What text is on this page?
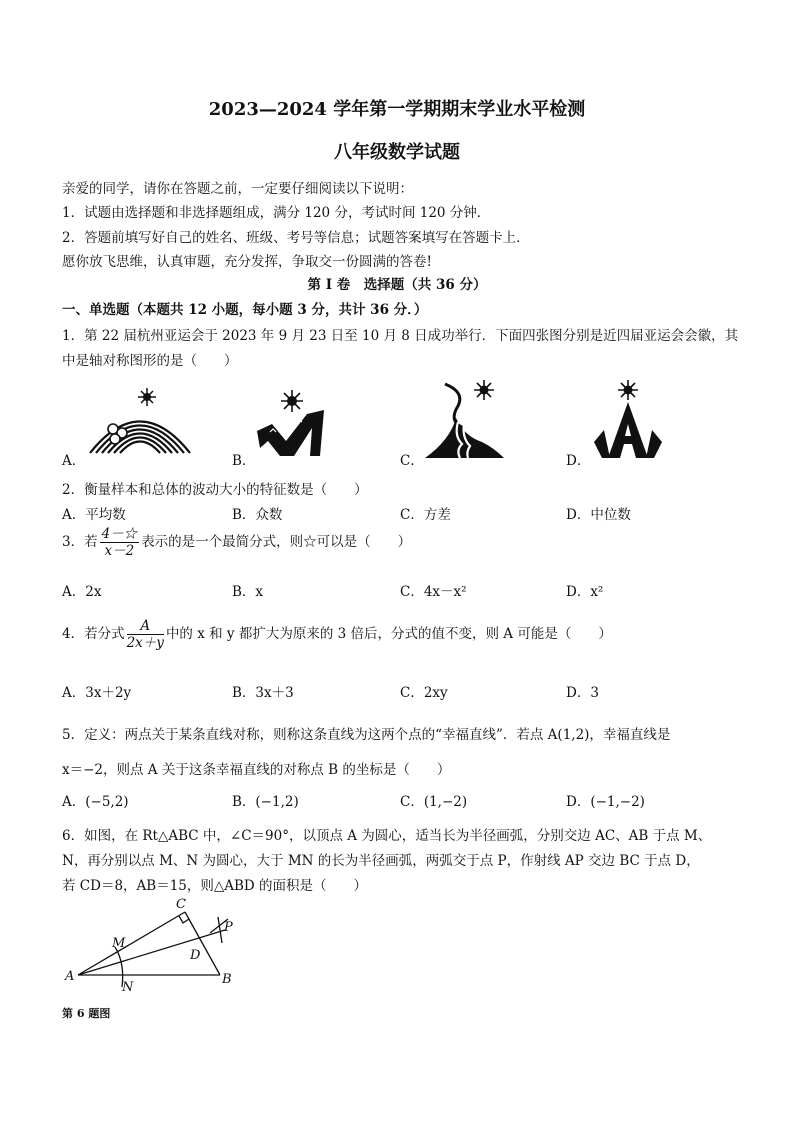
2023—2024 学年第一学期期末学业水平检测
八年级数学试题
亲爱的同学，请你在答题之前，一定要仔细阅读以下说明：
1．试题由选择题和非选择题组成，满分 120 分，考试时间 120 分钟．
2．答题前填写好自己的姓名、班级、考号等信息；试题答案填写在答题卡上．
愿你放飞思维，认真审题，充分发挥，争取交一份圆满的答卷!
第 I 卷　选择题（共 36 分）
一、单选题（本题共 12 小题，每小题 3 分，共计 36 分．）
1．第 22 届杭州亚运会于 2023 年 9 月 23 日至 10 月 8 日成功举行．下面四张图分别是近四届亚运会会徽，其
中是轴对称图形的是（　　）
A．	B．	C．	D．
2．衡量样本和总体的波动大小的特征数是（　　）
A．平均数	B．众数	C．方差	D．中位数
3．若 $\frac{4-☆}{x-2}$ 表示的是一个最简分式，则☆可以是（　　）
A．2x	B．x	C．4x－x²	D．x²
4．若分式 $\frac{A}{2x+y}$ 中的 x 和 y 都扩大为原来的 3 倍后，分式的值不变，则 A 可能是（　　）
A．3x＋2y	B．3x＋3	C．2xy	D．3
5．定义：两点关于某条直线对称，则称这条直线为这两个点的“幸福直线”．若点 A(1,2)，幸福直线是
x＝−2，则点 A 关于这条幸福直线的对称点 B 的坐标是（　　）
A．(−5,2)	B．(−1,2)	C．(1,−2)	D．(−1,−2)
6．如图，在 Rt△ABC 中，∠C＝90°，以顶点 A 为圆心，适当长为半径画弧，分别交边 AC、AB 于点 M、
N，再分别以点 M、N 为圆心，大于 MN 的长为半径画弧，两弧交于点 P，作射线 AP 交边 BC 于点 D，
若 CD＝8，AB＝15，则△ABD 的面积是（　　）
C
P
M
D
A
N
B
第 6 题图
